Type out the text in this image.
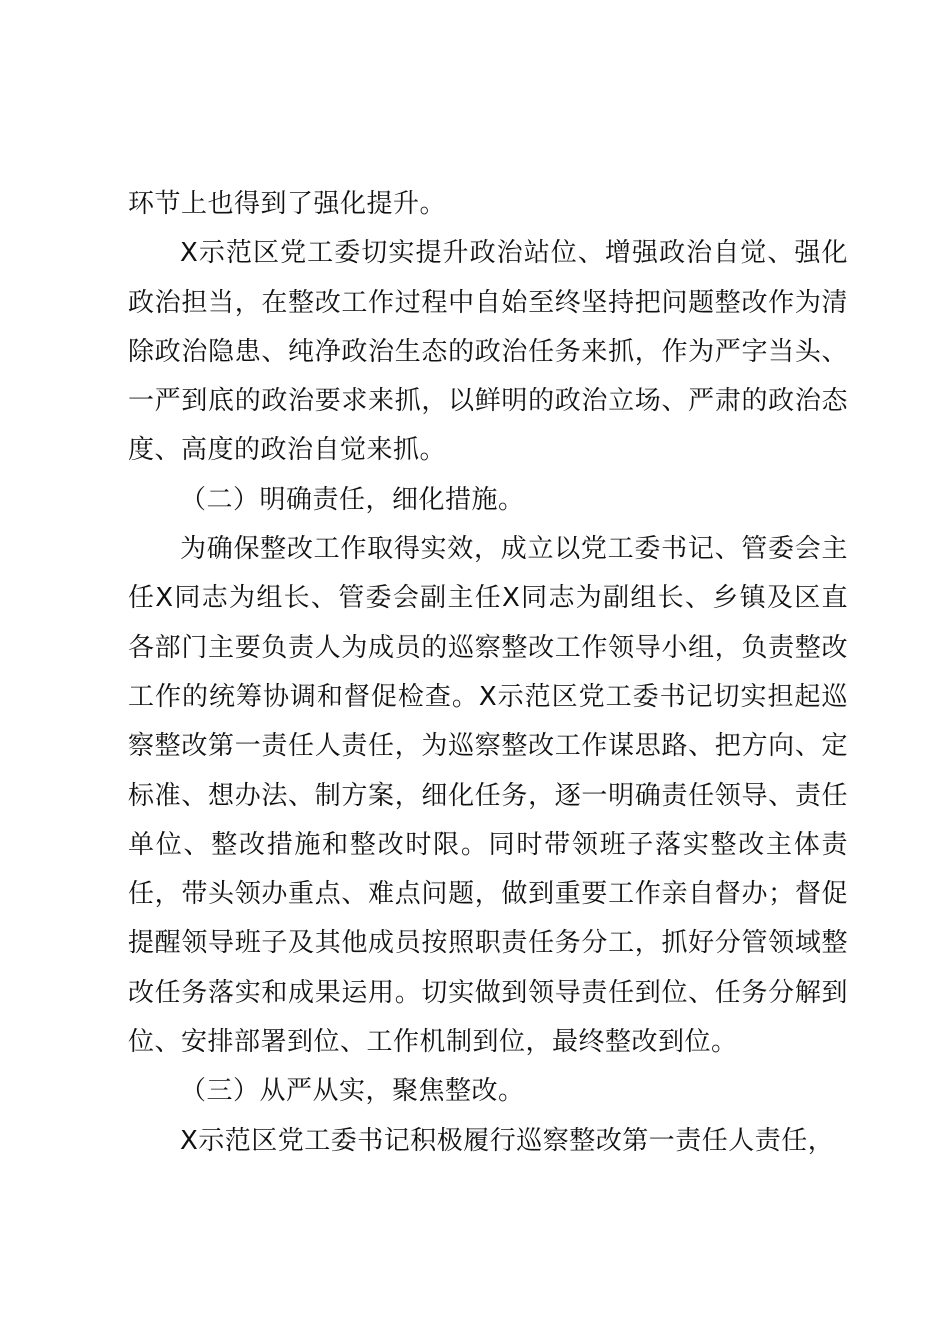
环节上也得到了强化提升。

X示范区党工委切实提升政治站位、增强政治自觉、强化政治担当，在整改工作过程中自始至终坚持把问题整改作为清除政治隐患、纯净政治生态的政治任务来抓，作为严字当头、一严到底的政治要求来抓，以鲜明的政治立场、严肃的政治态度、高度的政治自觉来抓。

（二）明确责任，细化措施。

为确保整改工作取得实效，成立以党工委书记、管委会主任X同志为组长、管委会副主任X同志为副组长、乡镇及区直各部门主要负责人为成员的巡察整改工作领导小组，负责整改工作的统筹协调和督促检查。X示范区党工委书记切实担起巡察整改第一责任人责任，为巡察整改工作谋思路、把方向、定标准、想办法、制方案，细化任务，逐一明确责任领导、责任单位、整改措施和整改时限。同时带领班子落实整改主体责任，带头领办重点、难点问题，做到重要工作亲自督办；督促提醒领导班子及其他成员按照职责任务分工，抓好分管领域整改任务落实和成果运用。切实做到领导责任到位、任务分解到位、安排部署到位、工作机制到位，最终整改到位。

（三）从严从实，聚焦整改。

X示范区党工委书记积极履行巡察整改第一责任人责任，
